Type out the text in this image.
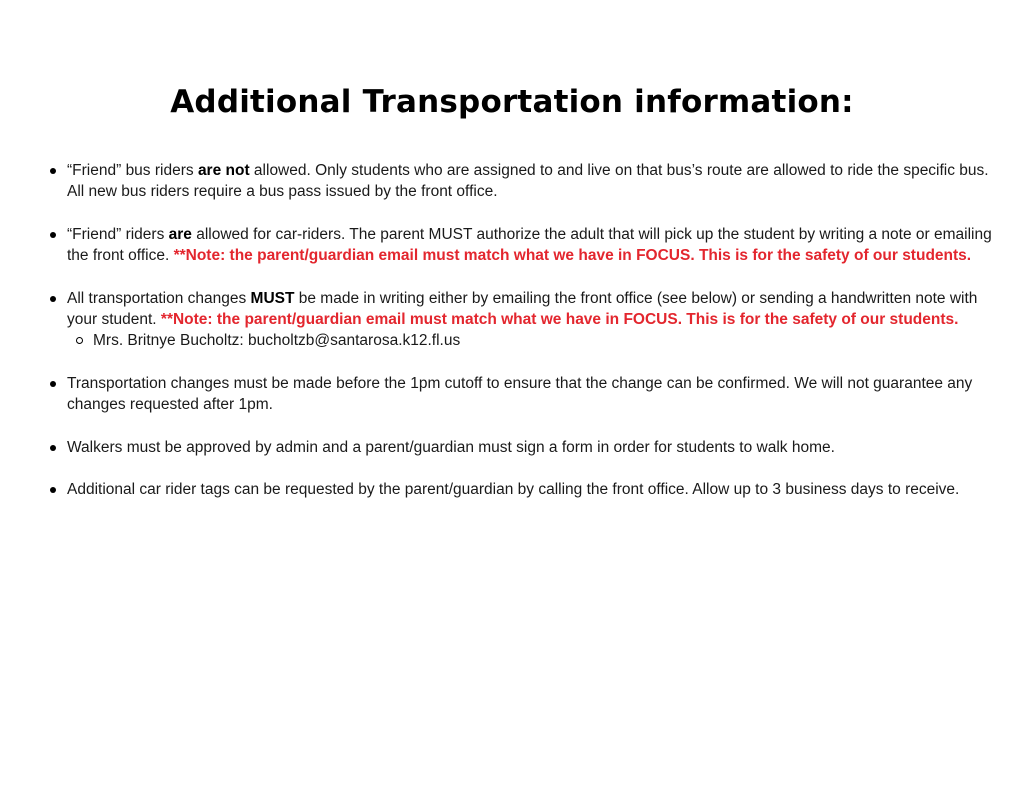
Additional Transportation information:
“Friend” bus riders are not allowed. Only students who are assigned to and live on that bus’s route are allowed to ride the specific bus. All new bus riders require a bus pass issued by the front office.
“Friend” riders are allowed for car-riders. The parent MUST authorize the adult that will pick up the student by writing a note or emailing the front office. **Note: the parent/guardian email must match what we have in FOCUS. This is for the safety of our students.
All transportation changes MUST be made in writing either by emailing the front office (see below) or sending a handwritten note with your student. **Note: the parent/guardian email must match what we have in FOCUS. This is for the safety of our students.
Mrs. Britnye Bucholtz: bucholtzb@santarosa.k12.fl.us
Transportation changes must be made before the 1pm cutoff to ensure that the change can be confirmed. We will not guarantee any changes requested after 1pm.
Walkers must be approved by admin and a parent/guardian must sign a form in order for students to walk home.
Additional car rider tags can be requested by the parent/guardian by calling the front office. Allow up to 3 business days to receive.
